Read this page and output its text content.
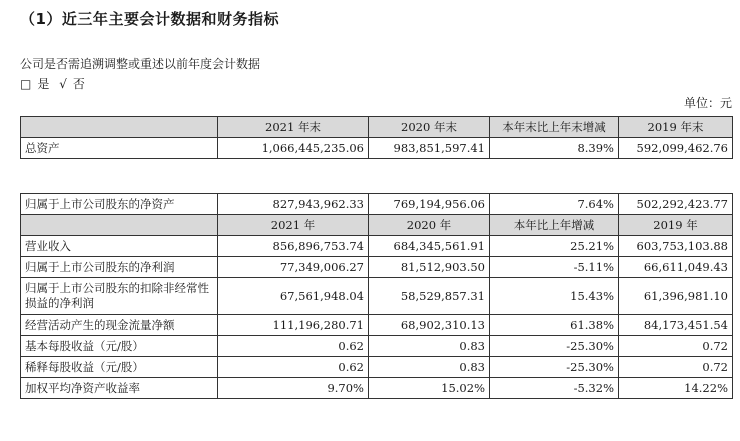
（1）近三年主要会计数据和财务指标
公司是否需追溯调整或重述以前年度会计数据
□ 是 √ 否
单位：元
	2021 年末	2020 年末	本年末比上年末增减	2019 年末
总资产	1,066,445,235.06	983,851,597.41	8.39%	592,099,462.76
归属于上市公司股东的净资产	827,943,962.33	769,194,956.06	7.64%	502,292,423.77
	2021 年	2020 年	本年比上年增减	2019 年
营业收入	856,896,753.74	684,345,561.91	25.21%	603,753,103.88
归属于上市公司股东的净利润	77,349,006.27	81,512,903.50	-5.11%	66,611,049.43
归属于上市公司股东的扣除非经常性损益的净利润	67,561,948.04	58,529,857.31	15.43%	61,396,981.10
经营活动产生的现金流量净额	111,196,280.71	68,902,310.13	61.38%	84,173,451.54
基本每股收益（元/股）	0.62	0.83	-25.30%	0.72
稀释每股收益（元/股）	0.62	0.83	-25.30%	0.72
加权平均净资产收益率	9.70%	15.02%	-5.32%	14.22%
